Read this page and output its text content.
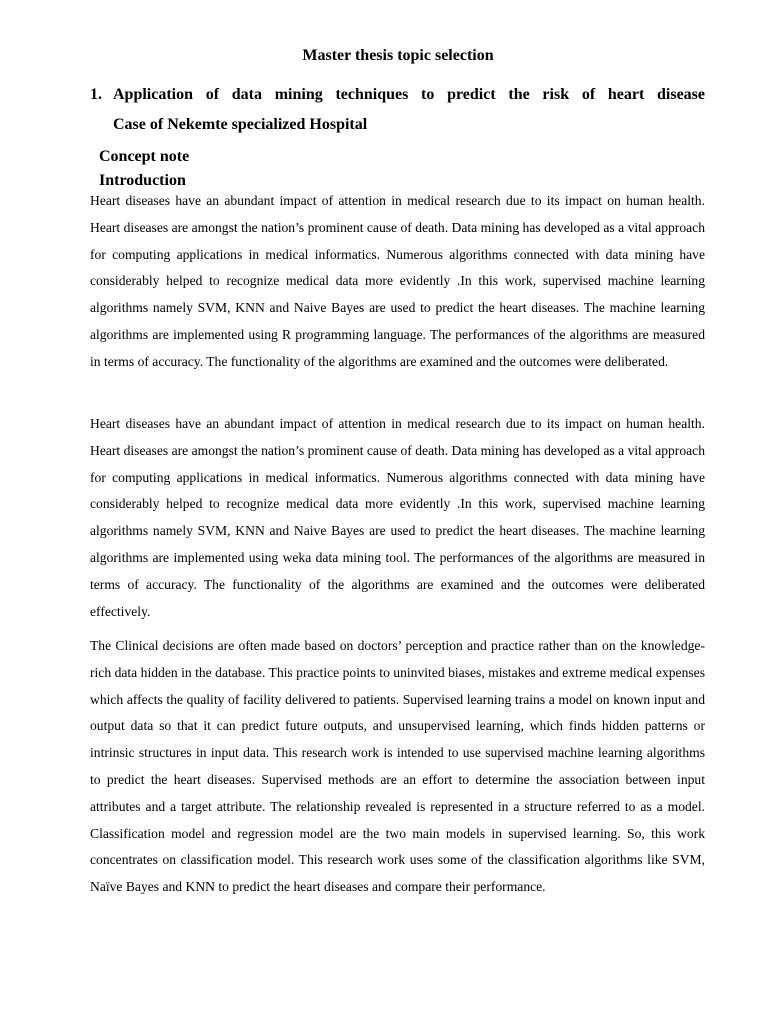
Master thesis topic selection
1. Application of data mining techniques to predict the risk of heart disease
Case of Nekemte specialized Hospital
Concept note
Introduction

Heart diseases have an abundant impact of attention in medical research due to its impact on human health. Heart diseases are amongst the nation’s prominent cause of death. Data mining has developed as a vital approach for computing applications in medical informatics. Numerous algorithms connected with data mining have considerably helped to recognize medical data more evidently .In this work, supervised machine learning algorithms namely SVM, KNN and Naive Bayes are used to predict the heart diseases. The machine learning algorithms are implemented using R programming language. The performances of the algorithms are measured in terms of accuracy. The functionality of the algorithms are examined and the outcomes were deliberated.

Heart diseases have an abundant impact of attention in medical research due to its impact on human health. Heart diseases are amongst the nation’s prominent cause of death. Data mining has developed as a vital approach for computing applications in medical informatics. Numerous algorithms connected with data mining have considerably helped to recognize medical data more evidently .In this work, supervised machine learning algorithms namely SVM, KNN and Naive Bayes are used to predict the heart diseases. The machine learning algorithms are implemented using weka data mining tool. The performances of the algorithms are measured in terms of accuracy. The functionality of the algorithms are examined and the outcomes were deliberated effectively.

The Clinical decisions are often made based on doctors’ perception and practice rather than on the knowledge-rich data hidden in the database. This practice points to uninvited biases, mistakes and extreme medical expenses which affects the quality of facility delivered to patients. Supervised learning trains a model on known input and output data so that it can predict future outputs, and unsupervised learning, which finds hidden patterns or intrinsic structures in input data. This research work is intended to use supervised machine learning algorithms to predict the heart diseases. Supervised methods are an effort to determine the association between input attributes and a target attribute. The relationship revealed is represented in a structure referred to as a model. Classification model and regression model are the two main models in supervised learning. So, this work concentrates on classification model. This research work uses some of the classification algorithms like SVM, Naïve Bayes and KNN to predict the heart diseases and compare their performance.
